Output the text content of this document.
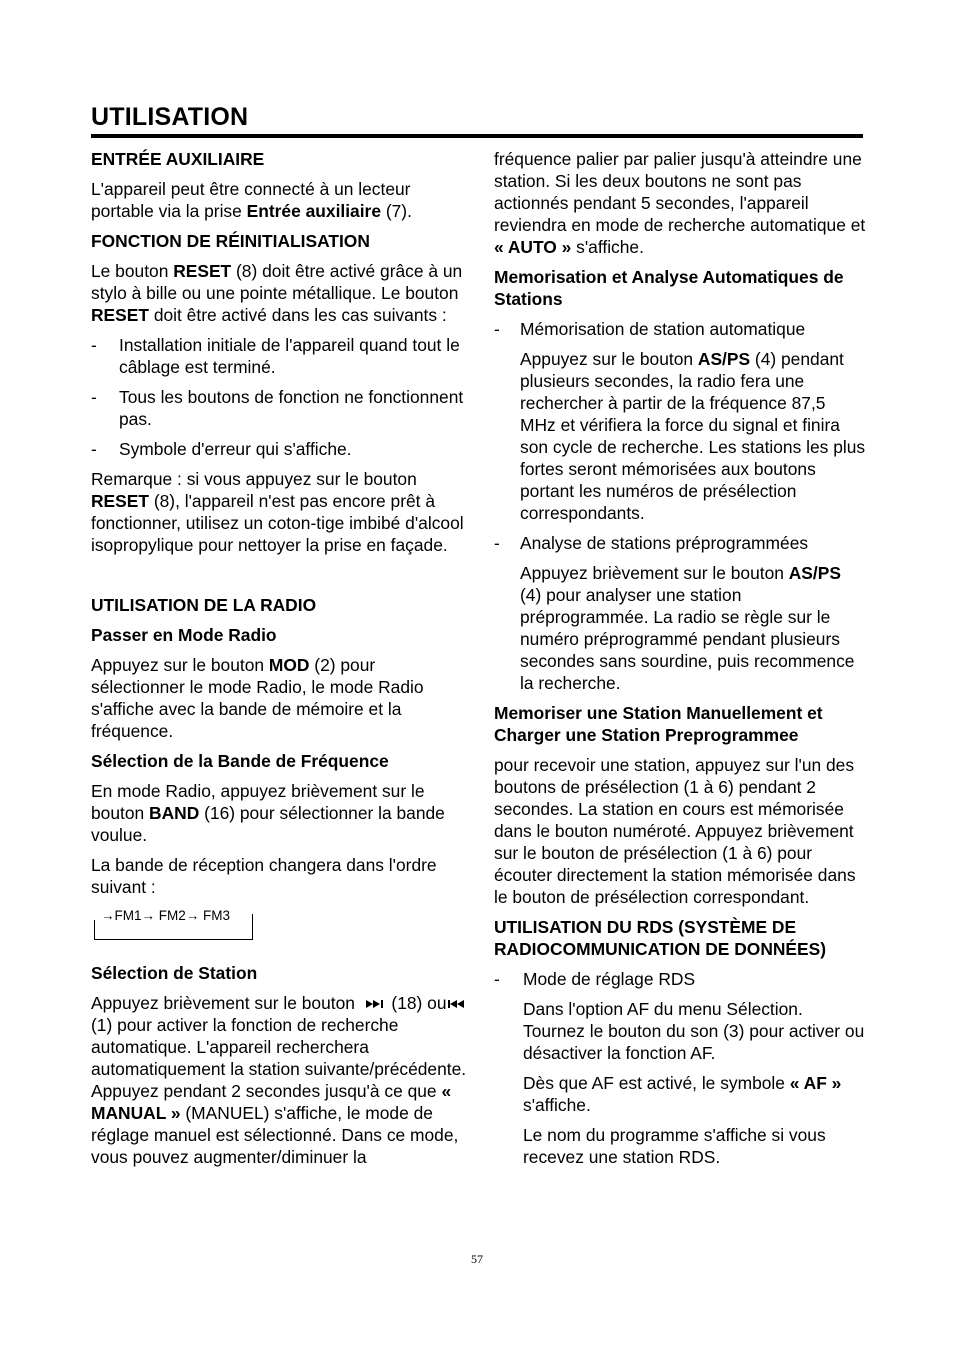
UTILISATION
ENTRÉE AUXILIAIRE

L'appareil peut être connecté à un lecteur portable via la prise Entrée auxiliaire (7).

FONCTION DE RÉINITIALISATION

Le bouton RESET (8) doit être activé grâce à un stylo à bille ou une pointe métallique. Le bouton RESET doit être activé dans les cas suivants :

- Installation initiale de l'appareil quand tout le câblage est terminé.
- Tous les boutons de fonction ne fonctionnent pas.
- Symbole d'erreur qui s'affiche.

Remarque : si vous appuyez sur le bouton RESET (8), l'appareil n'est pas encore prêt à fonctionner, utilisez un coton-tige imbibé d'alcool isopropylique pour nettoyer la prise en façade.

UTILISATION DE LA RADIO
Passer en Mode Radio

Appuyez sur le bouton MOD (2) pour sélectionner le mode Radio, le mode Radio s'affiche avec la bande de mémoire et la fréquence.

Sélection de la Bande de Fréquence

En mode Radio, appuyez brièvement sur le bouton BAND (16) pour sélectionner la bande voulue.

La bande de réception changera dans l'ordre suivant :

→FM1→ FM2→ FM3
Sélection de Station

Appuyez brièvement sur le bouton   (18) ou (1) pour activer la fonction de recherche automatique. L'appareil recherchera automatiquement la station suivante/précédente. Appuyez pendant 2 secondes jusqu'à ce que « MANUAL » (MANUEL) s'affiche, le mode de réglage manuel est sélectionné. Dans ce mode, vous pouvez augmenter/diminuer la

fréquence palier par palier jusqu'à atteindre une station. Si les deux boutons ne sont pas actionnés pendant 5 secondes, l'appareil reviendra en mode de recherche automatique et « AUTO » s'affiche.

Memorisation et Analyse Automatiques de Stations
- Mémorisation de station automatique

Appuyez sur le bouton AS/PS (4) pendant plusieurs secondes, la radio fera une rechercher à partir de la fréquence 87,5 MHz et vérifiera la force du signal et finira son cycle de recherche. Les stations les plus fortes seront mémorisées aux boutons portant les numéros de présélection correspondants.

- Analyse de stations préprogrammées

Appuyez brièvement sur le bouton AS/PS (4) pour analyser une station préprogrammée. La radio se règle sur le numéro préprogrammé pendant plusieurs secondes sans sourdine, puis recommence la recherche.

Memoriser une Station Manuellement et Charger une Station Preprogrammee

pour recevoir une station, appuyez sur l'un des boutons de présélection (1 à 6) pendant 2 secondes. La station en cours est mémorisée dans le bouton numéroté. Appuyez brièvement sur le bouton de présélection (1 à 6) pour écouter directement la station mémorisée dans le bouton de présélection correspondant.

UTILISATION DU RDS (SYSTÈME DE RADIOCOMMUNICATION DE DONNÉES)
- Mode de réglage RDS

Dans l'option AF du menu Sélection. Tournez le bouton du son (3) pour activer ou désactiver la fonction AF.

Dès que AF est activé, le symbole « AF » s'affiche.

Le nom du programme s'affiche si vous recevez une station RDS.

57
